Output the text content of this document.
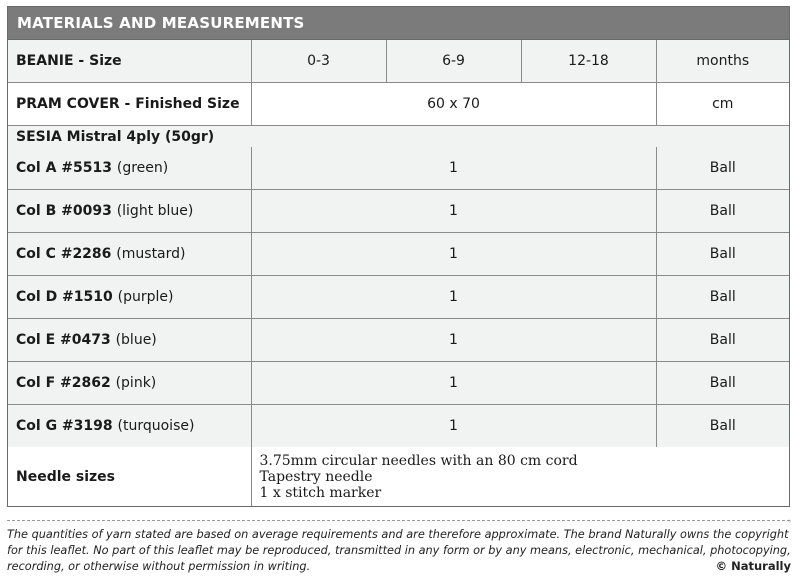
MATERIALS AND MEASUREMENTS
BEANIE - Size	0-3	6-9	12-18	months
PRAM COVER - Finished Size	60 x 70			cm
SESIA Mistral 4ply (50gr)				
Col A #5513 (green)	1			Ball
Col B #0093 (light blue)	1			Ball
Col C #2286 (mustard)	1			Ball
Col D #1510 (purple)	1			Ball
Col E #0473 (blue)	1			Ball
Col F #2862 (pink)	1			Ball
Col G #3198 (turquoise)	1			Ball
Needle sizes	3.75mm circular needles with an 80 cm cord
Tapestry needle
1 x stitch marker			
◦
The quantities of yarn stated are based on average requirements and are therefore approximate. The brand Naturally owns the copyright
for this leaflet. No part of this leaflet may be reproduced, transmitted in any form or by any means, electronic, mechanical, photocopying,
recording, or otherwise without permission in writing.	© Naturally
